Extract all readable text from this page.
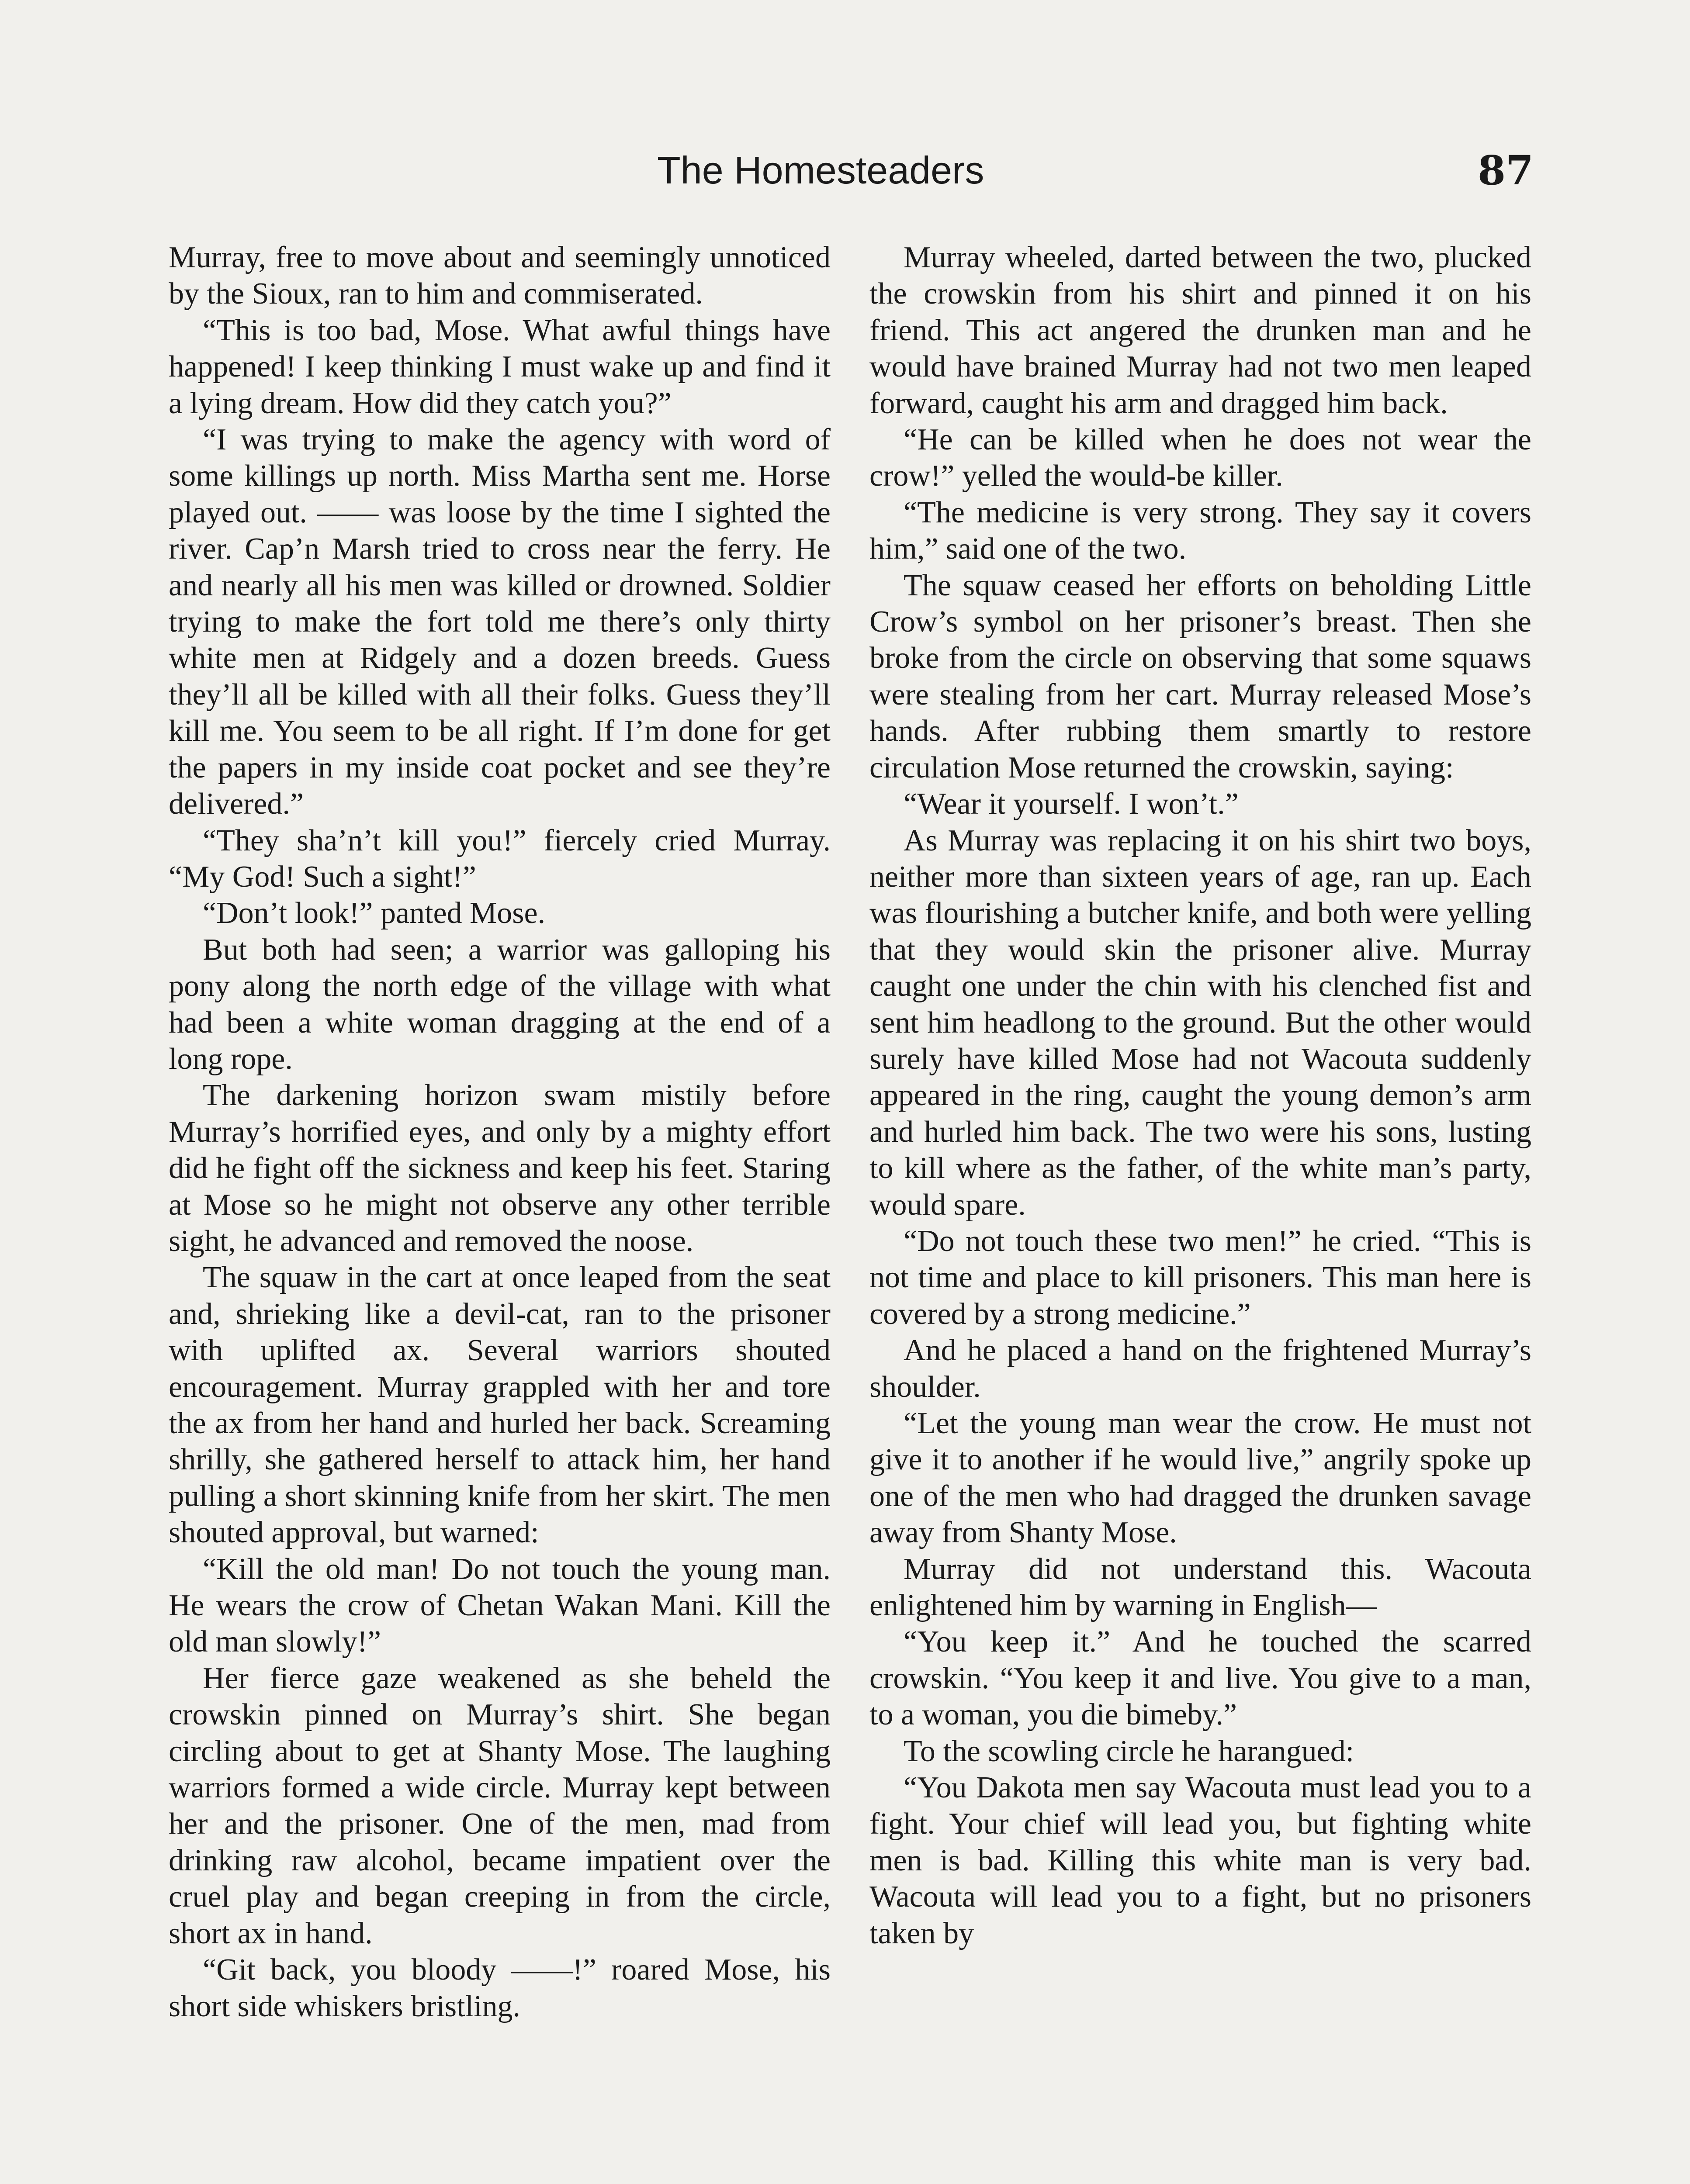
The Homesteaders	87

Murray, free to move about and seemingly unnoticed by the Sioux, ran to him and commiserated.

“This is too bad, Mose. What awful things have happened! I keep thinking I must wake up and find it a lying dream. How did they catch you?”

“I was trying to make the agency with word of some killings up north. Miss Martha sent me. Horse played out. —— was loose by the time I sighted the river. Cap’n Marsh tried to cross near the ferry. He and nearly all his men was killed or drowned. Soldier trying to make the fort told me there’s only thirty white men at Ridgely and a dozen breeds. Guess they’ll all be killed with all their folks. Guess they’ll kill me. You seem to be all right. If I’m done for get the papers in my inside coat pocket and see they’re delivered.”

“They sha’n’t kill you!” fiercely cried Murray. “My God! Such a sight!”

“Don’t look!” panted Mose.

But both had seen; a warrior was galloping his pony along the north edge of the village with what had been a white woman dragging at the end of a long rope.

The darkening horizon swam mistily before Murray’s horrified eyes, and only by a mighty effort did he fight off the sickness and keep his feet. Staring at Mose so he might not observe any other terrible sight, he advanced and removed the noose.

The squaw in the cart at once leaped from the seat and, shrieking like a devil-cat, ran to the prisoner with uplifted ax. Several warriors shouted encouragement. Murray grappled with her and tore the ax from her hand and hurled her back. Screaming shrilly, she gathered herself to attack him, her hand pulling a short skinning knife from her skirt. The men shouted approval, but warned:

“Kill the old man! Do not touch the young man. He wears the crow of Chetan Wakan Mani. Kill the old man slowly!”

Her fierce gaze weakened as she beheld the crowskin pinned on Murray’s shirt. She began circling about to get at Shanty Mose. The laughing warriors formed a wide circle. Murray kept between her and the prisoner. One of the men, mad from drinking raw alcohol, became impatient over the cruel play and began creeping in from the circle, short ax in hand.

“Git back, you bloody ——!” roared Mose, his short side whiskers bristling.

Murray wheeled, darted between the two, plucked the crowskin from his shirt and pinned it on his friend. This act angered the drunken man and he would have brained Murray had not two men leaped forward, caught his arm and dragged him back.

“He can be killed when he does not wear the crow!” yelled the would-be killer.

“The medicine is very strong. They say it covers him,” said one of the two.

The squaw ceased her efforts on beholding Little Crow’s symbol on her prisoner’s breast. Then she broke from the circle on observing that some squaws were stealing from her cart. Murray released Mose’s hands. After rubbing them smartly to restore circulation Mose returned the crowskin, saying:

“Wear it yourself. I won’t.”

As Murray was replacing it on his shirt two boys, neither more than sixteen years of age, ran up. Each was flourishing a butcher knife, and both were yelling that they would skin the prisoner alive. Murray caught one under the chin with his clenched fist and sent him headlong to the ground. But the other would surely have killed Mose had not Wacouta suddenly appeared in the ring, caught the young demon’s arm and hurled him back. The two were his sons, lusting to kill where as the father, of the white man’s party, would spare.

“Do not touch these two men!” he cried. “This is not time and place to kill prisoners. This man here is covered by a strong medicine.”

And he placed a hand on the frightened Murray’s shoulder.

“Let the young man wear the crow. He must not give it to another if he would live,” angrily spoke up one of the men who had dragged the drunken savage away from Shanty Mose.

Murray did not understand this. Wacouta enlightened him by warning in English—

“You keep it.” And he touched the scarred crowskin. “You keep it and live. You give to a man, to a woman, you die bimeby.”

To the scowling circle he harangued:

“You Dakota men say Wacouta must lead you to a fight. Your chief will lead you, but fighting white men is bad. Killing this white man is very bad. Wacouta will lead you to a fight, but no prisoners taken by
